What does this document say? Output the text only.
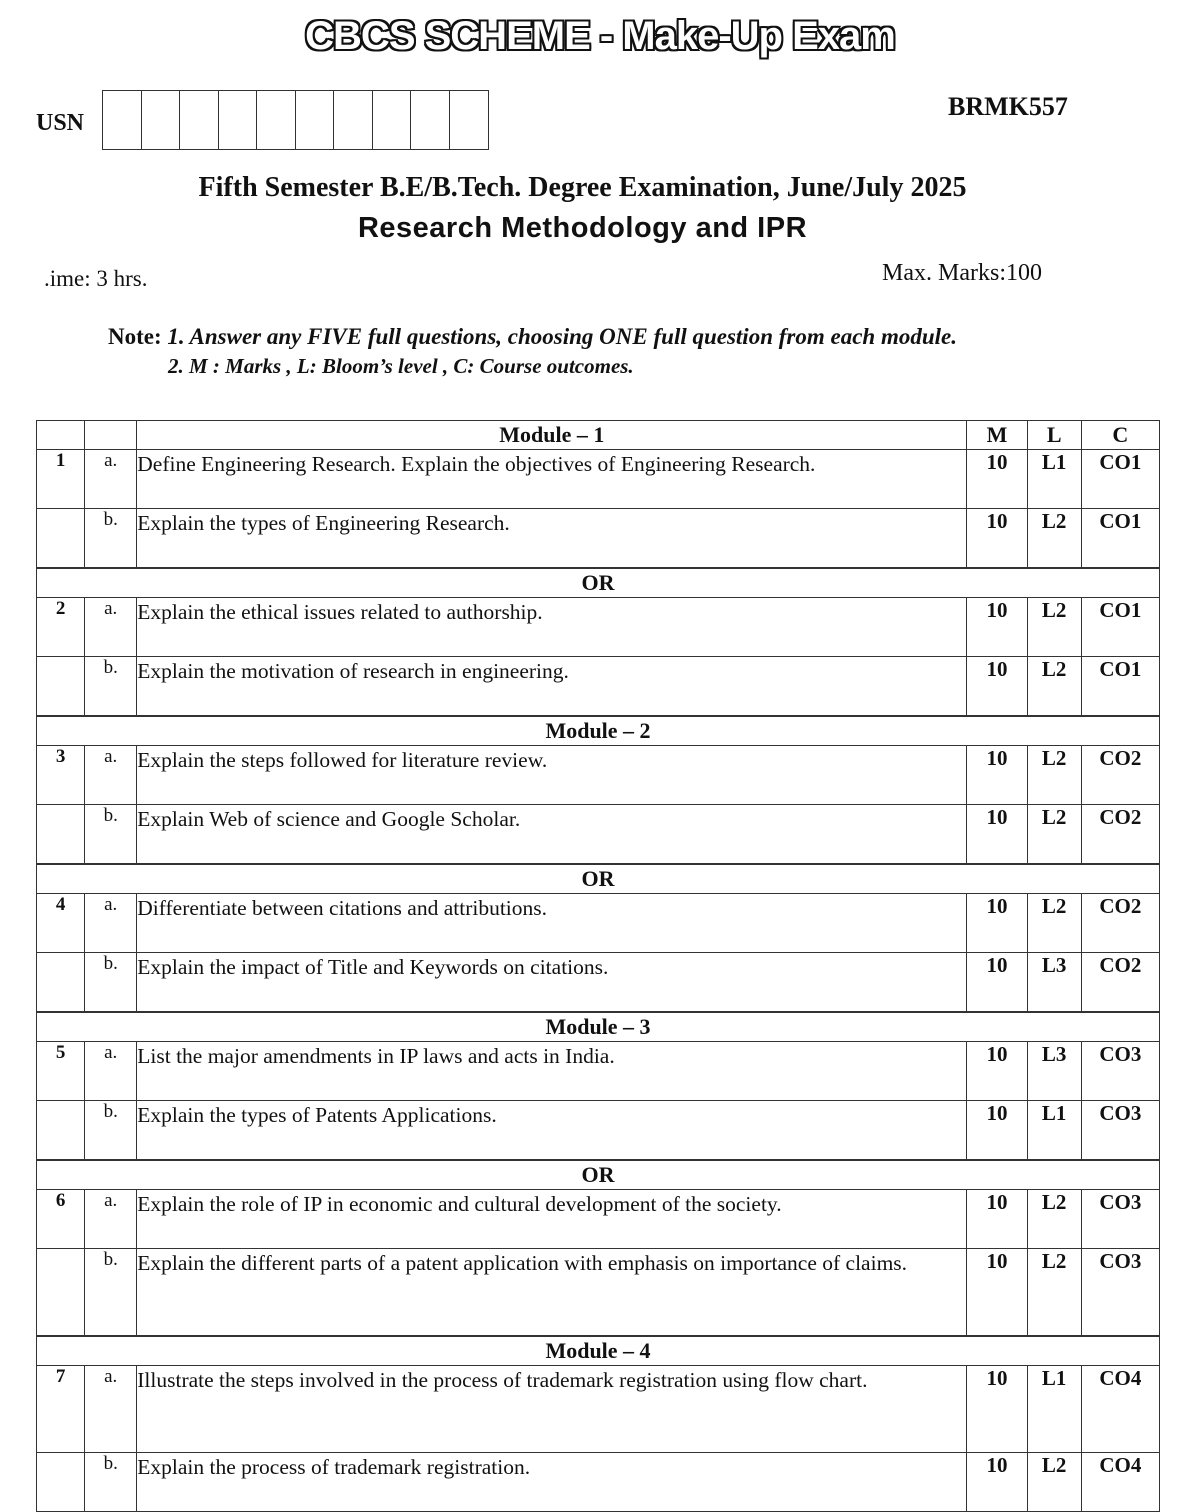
CBCS SCHEME - Make-Up Exam
USN
BRMK557
Fifth Semester B.E/B.Tech. Degree Examination, June/July 2025
Research Methodology and IPR
.ime: 3 hrs.	Max. Marks:100
Note: 1. Answer any FIVE full questions, choosing ONE full question from each module.
2. M : Marks , L: Bloom’s level , C: Course outcomes.
		Module – 1	M	L	C
1	a.	Define Engineering Research. Explain the objectives of Engineering Research.	10	L1	CO1
	b.	Explain the types of Engineering Research.	10	L2	CO1
OR					
2	a.	Explain the ethical issues related to authorship.	10	L2	CO1
	b.	Explain the motivation of research in engineering.	10	L2	CO1
Module – 2					
3	a.	Explain the steps followed for literature review.	10	L2	CO2
	b.	Explain Web of science and Google Scholar.	10	L2	CO2
OR					
4	a.	Differentiate between citations and attributions.	10	L2	CO2
	b.	Explain the impact of Title and Keywords on citations.	10	L3	CO2
Module – 3					
5	a.	List the major amendments in IP laws and acts in India.	10	L3	CO3
	b.	Explain the types of Patents Applications.	10	L1	CO3
OR					
6	a.	Explain the role of IP in economic and cultural development of the society.	10	L2	CO3
	b.	Explain the different parts of a patent application with emphasis on importance of claims.	10	L2	CO3
Module – 4					
7	a.	Illustrate the steps involved in the process of trademark registration using flow chart.	10	L1	CO4
	b.	Explain the process of trademark registration.	10	L2	CO4
